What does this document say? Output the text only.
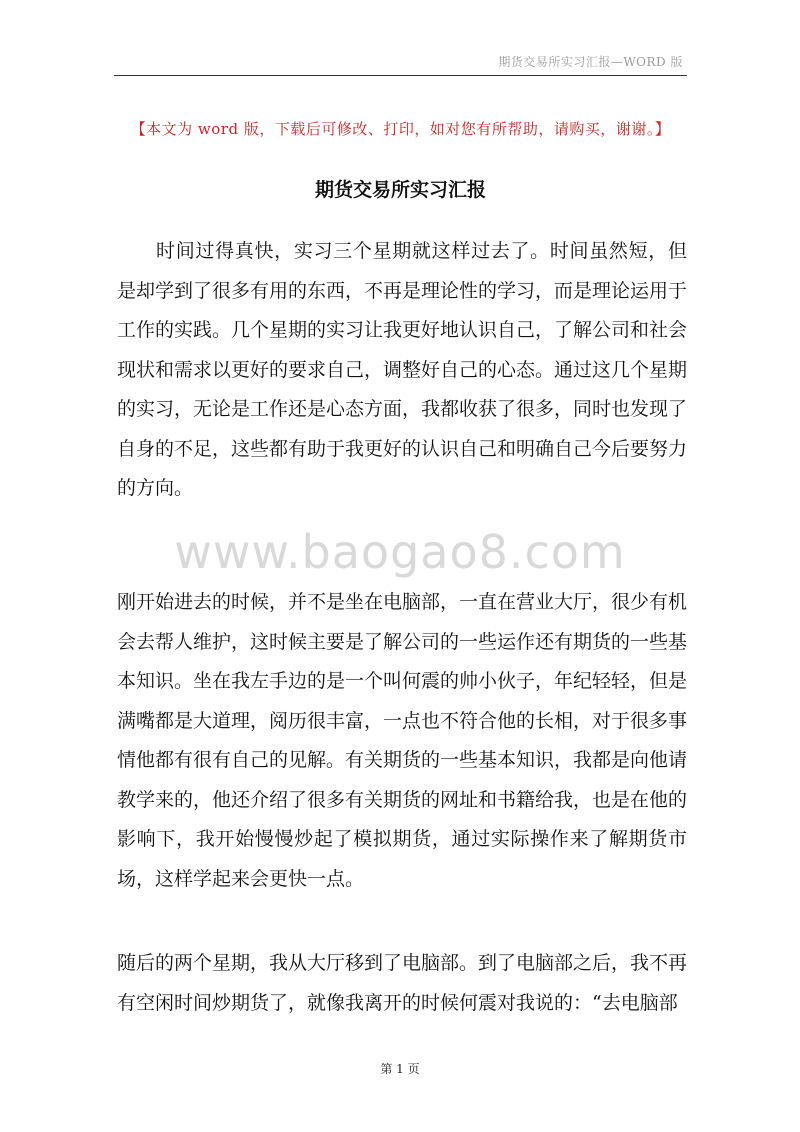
期货交易所实习汇报—WORD 版
【本文为 word 版，下载后可修改、打印，如对您有所帮助，请购买，谢谢。】
期货交易所实习汇报

时间过得真快，实习三个星期就这样过去了。时间虽然短，但是却学到了很多有用的东西，不再是理论性的学习，而是理论运用于工作的实践。几个星期的实习让我更好地认识自己，了解公司和社会现状和需求以更好的要求自己，调整好自己的心态。通过这几个星期的实习，无论是工作还是心态方面，我都收获了很多，同时也发现了自身的不足，这些都有助于我更好的认识自己和明确自己今后要努力的方向。

www.baogao8.com

刚开始进去的时候，并不是坐在电脑部，一直在营业大厅，很少有机会去帮人维护，这时候主要是了解公司的一些运作还有期货的一些基本知识。坐在我左手边的是一个叫何震的帅小伙子，年纪轻轻，但是满嘴都是大道理，阅历很丰富，一点也不符合他的长相，对于很多事情他都有很有自己的见解。有关期货的一些基本知识，我都是向他请教学来的，他还介绍了很多有关期货的网址和书籍给我，也是在他的影响下，我开始慢慢炒起了模拟期货，通过实际操作来了解期货市场，这样学起来会更快一点。

随后的两个星期，我从大厅移到了电脑部。到了电脑部之后，我不再有空闲时间炒期货了，就像我离开的时候何震对我说的：“去电脑部

第 1 页
